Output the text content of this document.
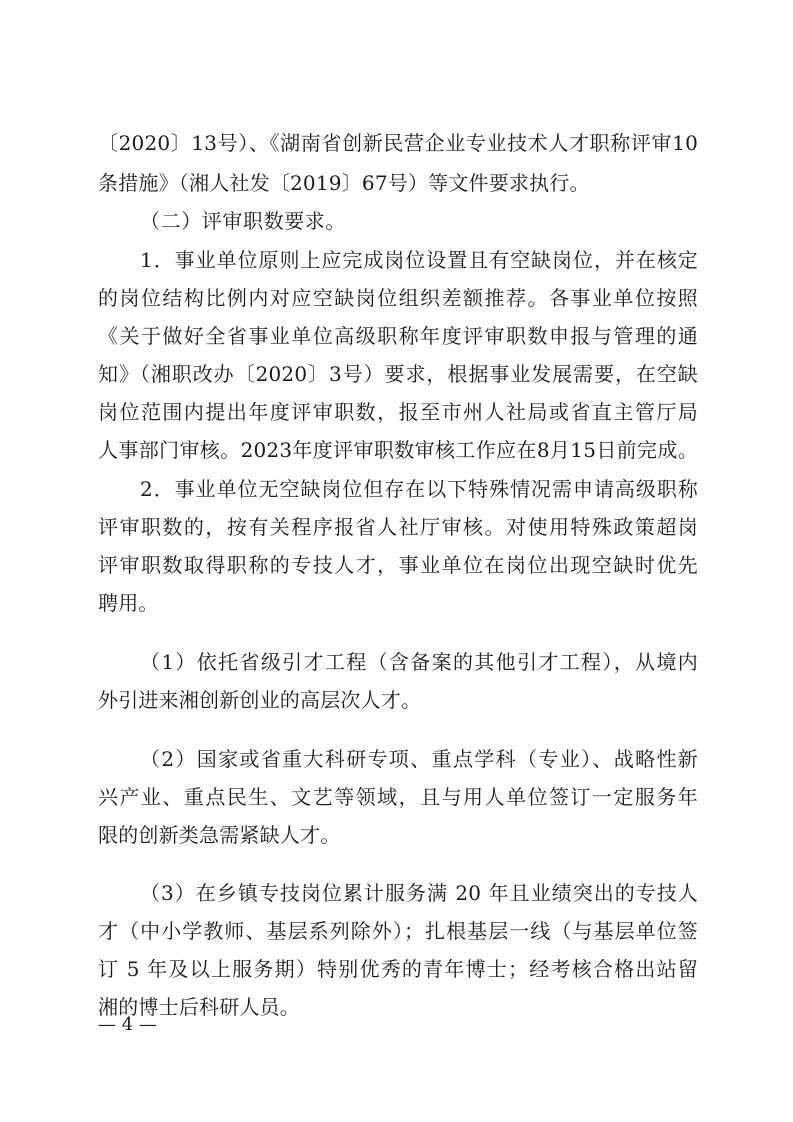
〔2020〕13号）、《湖南省创新民营企业专业技术人才职称评审10
条措施》（湘人社发〔2019〕67号）等文件要求执行。
（二）评审职数要求。
1．事业单位原则上应完成岗位设置且有空缺岗位，并在核定
的岗位结构比例内对应空缺岗位组织差额推荐。各事业单位按照
《关于做好全省事业单位高级职称年度评审职数申报与管理的通
知》（湘职改办〔2020〕3号）要求，根据事业发展需要，在空缺
岗位范围内提出年度评审职数，报至市州人社局或省直主管厅局
人事部门审核。2023年度评审职数审核工作应在8月15日前完成。
2．事业单位无空缺岗位但存在以下特殊情况需申请高级职称
评审职数的，按有关程序报省人社厅审核。对使用特殊政策超岗
评审职数取得职称的专技人才，事业单位在岗位出现空缺时优先
聘用。
（1）依托省级引才工程（含备案的其他引才工程），从境内
外引进来湘创新创业的高层次人才。
（2）国家或省重大科研专项、重点学科（专业）、战略性新
兴产业、重点民生、文艺等领域，且与用人单位签订一定服务年
限的创新类急需紧缺人才。
（3）在乡镇专技岗位累计服务满 20 年且业绩突出的专技人
才（中小学教师、基层系列除外）；扎根基层一线（与基层单位签
订 5 年及以上服务期）特别优秀的青年博士；经考核合格出站留
湘的博士后科研人员。
— 4 —
